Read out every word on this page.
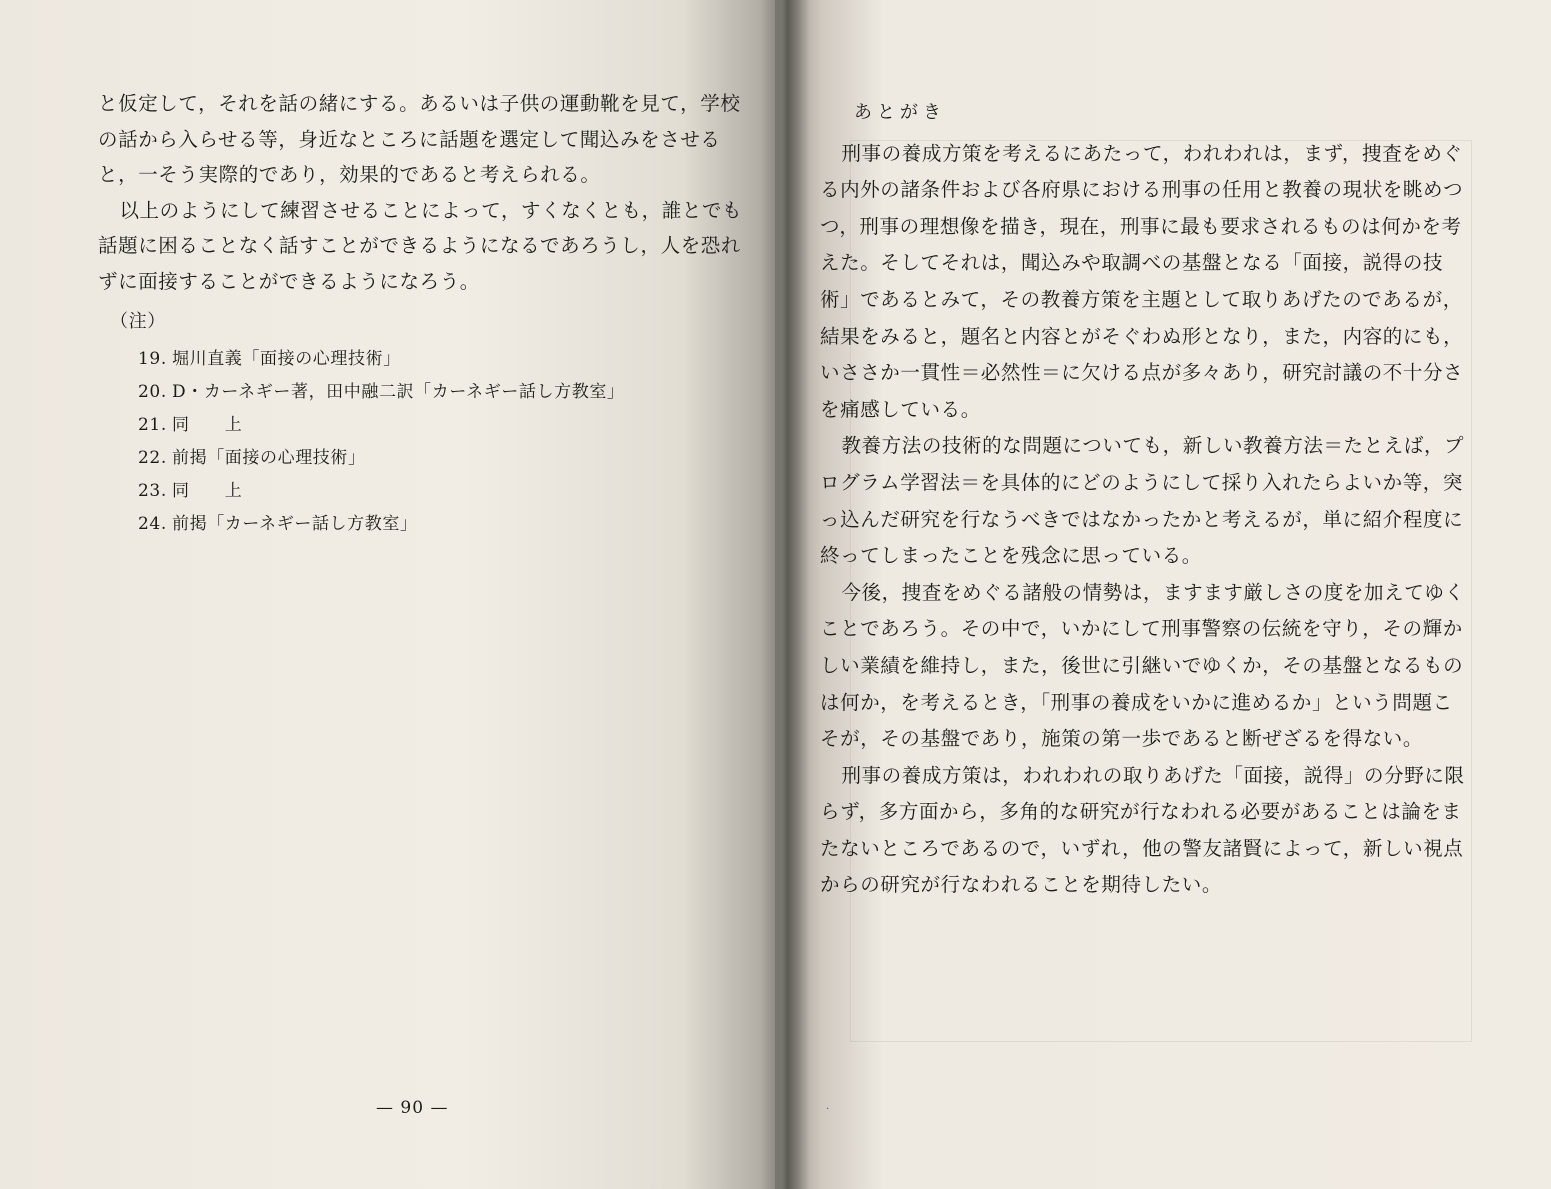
と仮定して，それを話の緒にする。あるいは子供の運動靴を見て，学校の話から入らせる等，身近なところに話題を選定して聞込みをさせると，一そう実際的であり，効果的であると考えられる。

以上のようにして練習させることによって，すくなくとも，誰とでも話題に困ることなく話すことができるようになるであろうし，人を恐れずに面接することができるようになろう。

（注）
19. 堀川直義「面接の心理技術」
20. D・カーネギー著，田中融二訳「カーネギー話し方教室」
21. 同　　上
22. 前掲「面接の心理技術」
23. 同　　上
24. 前掲「カーネギー話し方教室」
— 90 —
あとがき

刑事の養成方策を考えるにあたって，われわれは，まず，捜査をめぐる内外の諸条件および各府県における刑事の任用と教養の現状を眺めつつ，刑事の理想像を描き，現在，刑事に最も要求されるものは何かを考えた。そしてそれは，聞込みや取調べの基盤となる「面接，説得の技術」であるとみて，その教養方策を主題として取りあげたのであるが，結果をみると，題名と内容とがそぐわぬ形となり，また，内容的にも，いささか一貫性＝必然性＝に欠ける点が多々あり，研究討議の不十分さを痛感している。

教養方法の技術的な問題についても，新しい教養方法＝たとえば，プログラム学習法＝を具体的にどのようにして採り入れたらよいか等，突っ込んだ研究を行なうべきではなかったかと考えるが，単に紹介程度に終ってしまったことを残念に思っている。

今後，捜査をめぐる諸般の情勢は，ますます厳しさの度を加えてゆくことであろう。その中で，いかにして刑事警察の伝統を守り，その輝かしい業績を維持し，また，後世に引継いでゆくか，その基盤となるものは何か，を考えるとき，「刑事の養成をいかに進めるか」という問題こそが，その基盤であり，施策の第一歩であると断ぜざるを得ない。

刑事の養成方策は，われわれの取りあげた「面接，説得」の分野に限らず，多方面から，多角的な研究が行なわれる必要があることは論をまたないところであるので，いずれ，他の警友諸賢によって，新しい視点からの研究が行なわれることを期待したい。

·
